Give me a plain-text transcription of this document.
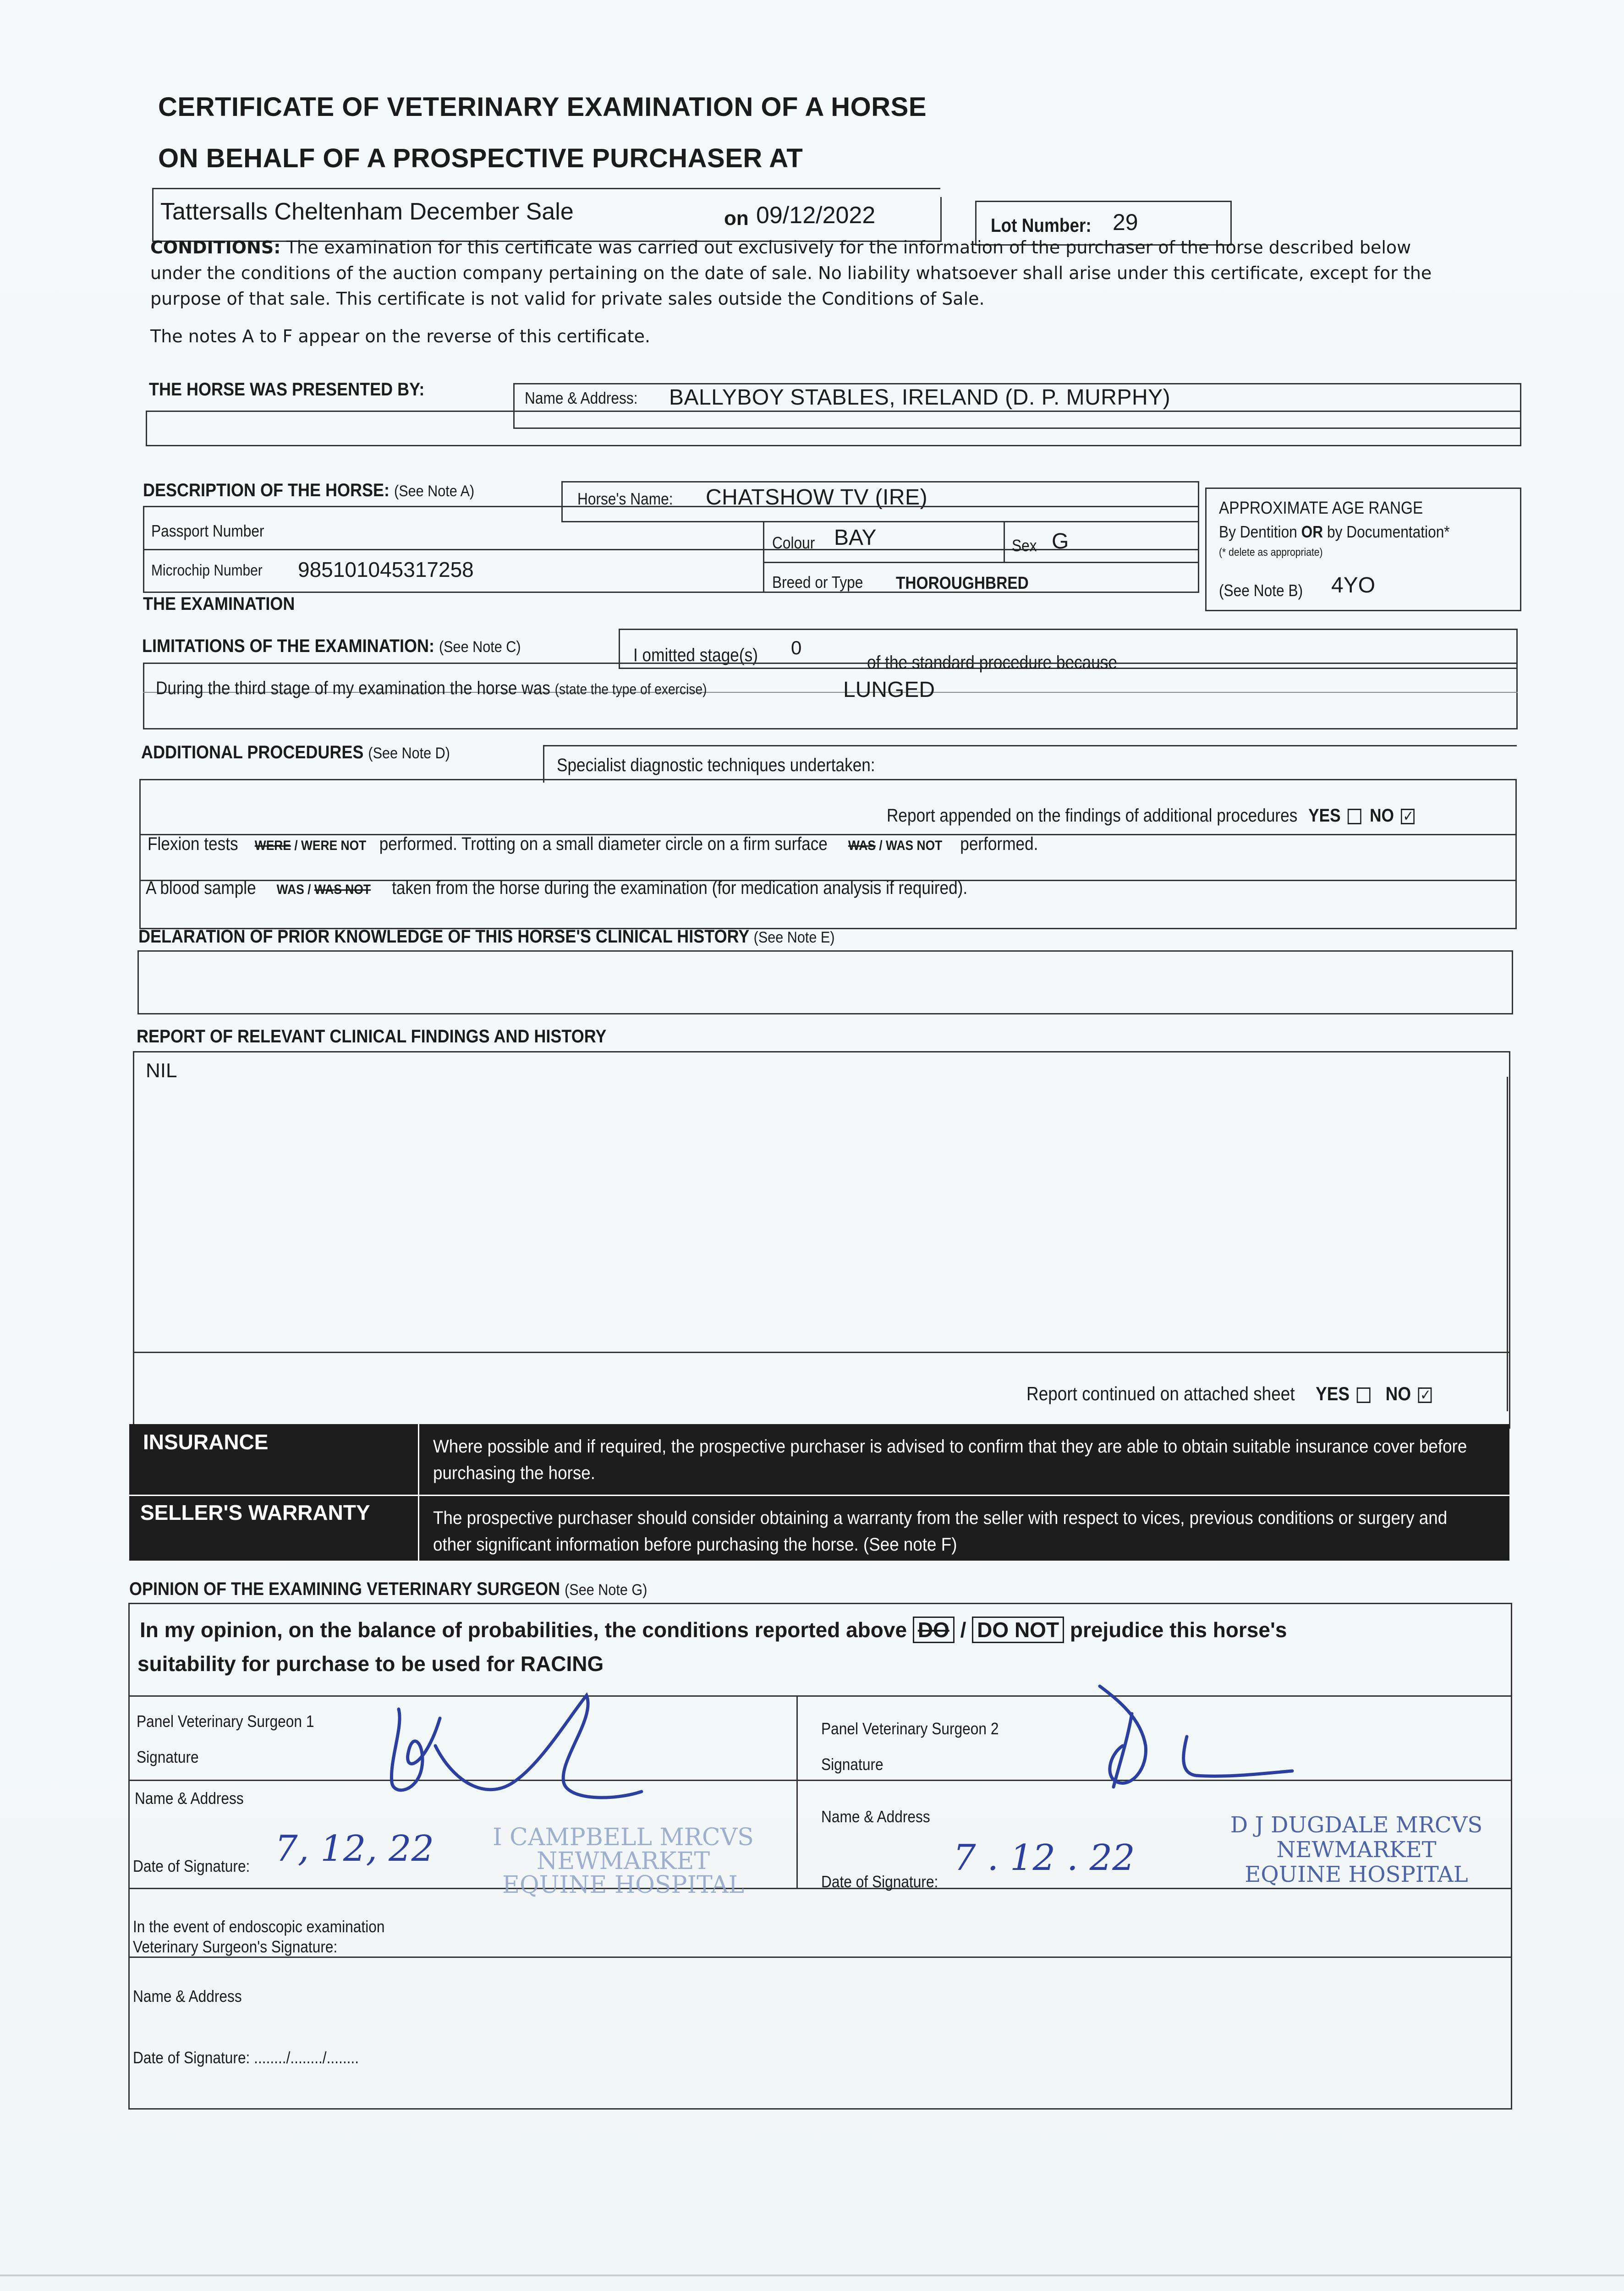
CERTIFICATE OF VETERINARY EXAMINATION OF A HORSE
ON BEHALF OF A PROSPECTIVE PURCHASER AT
Tattersalls Cheltenham December Sale	on 09/12/2022	Lot Number: 29
CONDITIONS: The examination for this certificate was carried out exclusively for the information of the purchaser of the horse described below under the conditions of the auction company pertaining on the date of sale. No liability whatsoever shall arise under this certificate, except for the purpose of that sale. This certificate is not valid for private sales outside the Conditions of Sale.
The notes A to F appear on the reverse of this certificate.
THE HORSE WAS PRESENTED BY:	Name & Address: BALLYBOY STABLES, IRELAND (D. P. MURPHY)
DESCRIPTION OF THE HORSE: (See Note A)	Horse's Name: CHATSHOW TV (IRE)
Passport Number
Microchip Number 985101045317258
Colour BAY	Sex G
Breed or Type THOROUGHBRED
APPROXIMATE AGE RANGE
By Dentition OR by Documentation*
(* delete as appropriate)
(See Note B) 4YO
THE EXAMINATION
LIMITATIONS OF THE EXAMINATION: (See Note C)	I omitted stage(s) 0
of the standard procedure because
During the third stage of my examination the horse was (state the type of exercise)	LUNGED
ADDITIONAL PROCEDURES (See Note D)
Specialist diagnostic techniques undertaken:
Report appended on the findings of additional procedures YES NO ✓
Flexion tests WERE / WERE NOT performed. Trotting on a small diameter circle on a firm surface WAS / WAS NOT performed.
A blood sample WAS / WAS NOT taken from the horse during the examination (for medication analysis if required).
DELARATION OF PRIOR KNOWLEDGE OF THIS HORSE'S CLINICAL HISTORY (See Note E)
REPORT OF RELEVANT CLINICAL FINDINGS AND HISTORY
NIL
Report continued on attached sheet YES NO ✓
INSURANCE	Where possible and if required, the prospective purchaser is advised to confirm that they are able to obtain suitable insurance cover before purchasing the horse.
SELLER'S WARRANTY	The prospective purchaser should consider obtaining a warranty from the seller with respect to vices, previous conditions or surgery and other significant information before purchasing the horse. (See note F)
OPINION OF THE EXAMINING VETERINARY SURGEON (See Note G)
In my opinion, on the balance of probabilities, the conditions reported above DO / DO NOT prejudice this horse's
suitability for purchase to be used for RACING
Panel Veterinary Surgeon 1
Signature
Name & Address
Date of Signature: 7, 12, 22	I CAMPBELL MRCVS
NEWMARKET
EQUINE HOSPITAL
Panel Veterinary Surgeon 2
Signature
Name & Address
Date of Signature:
7 . 12 . 22
D J DUGDALE MRCVS
NEWMARKET
EQUINE HOSPITAL
In the event of endoscopic examination
Veterinary Surgeon's Signature:
Name & Address
Date of Signature: ......../......../........
